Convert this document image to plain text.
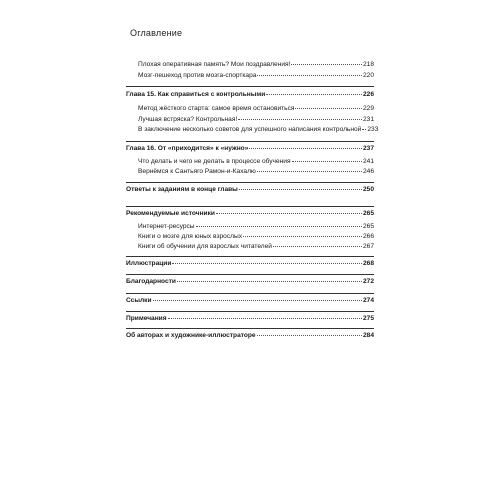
Оглавление
Плохая оперативная память? Мои поздравления!	218
Мозг-пешеход против мозга-спорткара	220
Глава 15. Как справиться с контрольными	226
Метод жёсткого старта: самое время остановиться	229
Лучшая встряска? Контрольная!	231
В заключение несколько советов для успешного написания контрольной 233
Глава 16. От «приходится» к «нужно»	237
Что делать и чего не делать в процессе обучения	241
Вернёмся к Сантьяго Рамон-и-Кахалю	246
Ответы к заданиям в конце главы	250
Рекомендуемые источники	265
Интернет-ресурсы	265
Книги о мозге для юных взрослых	266
Книги об обучении для взрослых читателей	267
Иллюстрации	268
Благодарности	272
Ссылки	274
Примечания	275
Об авторах и художнике-иллюстраторе	284
